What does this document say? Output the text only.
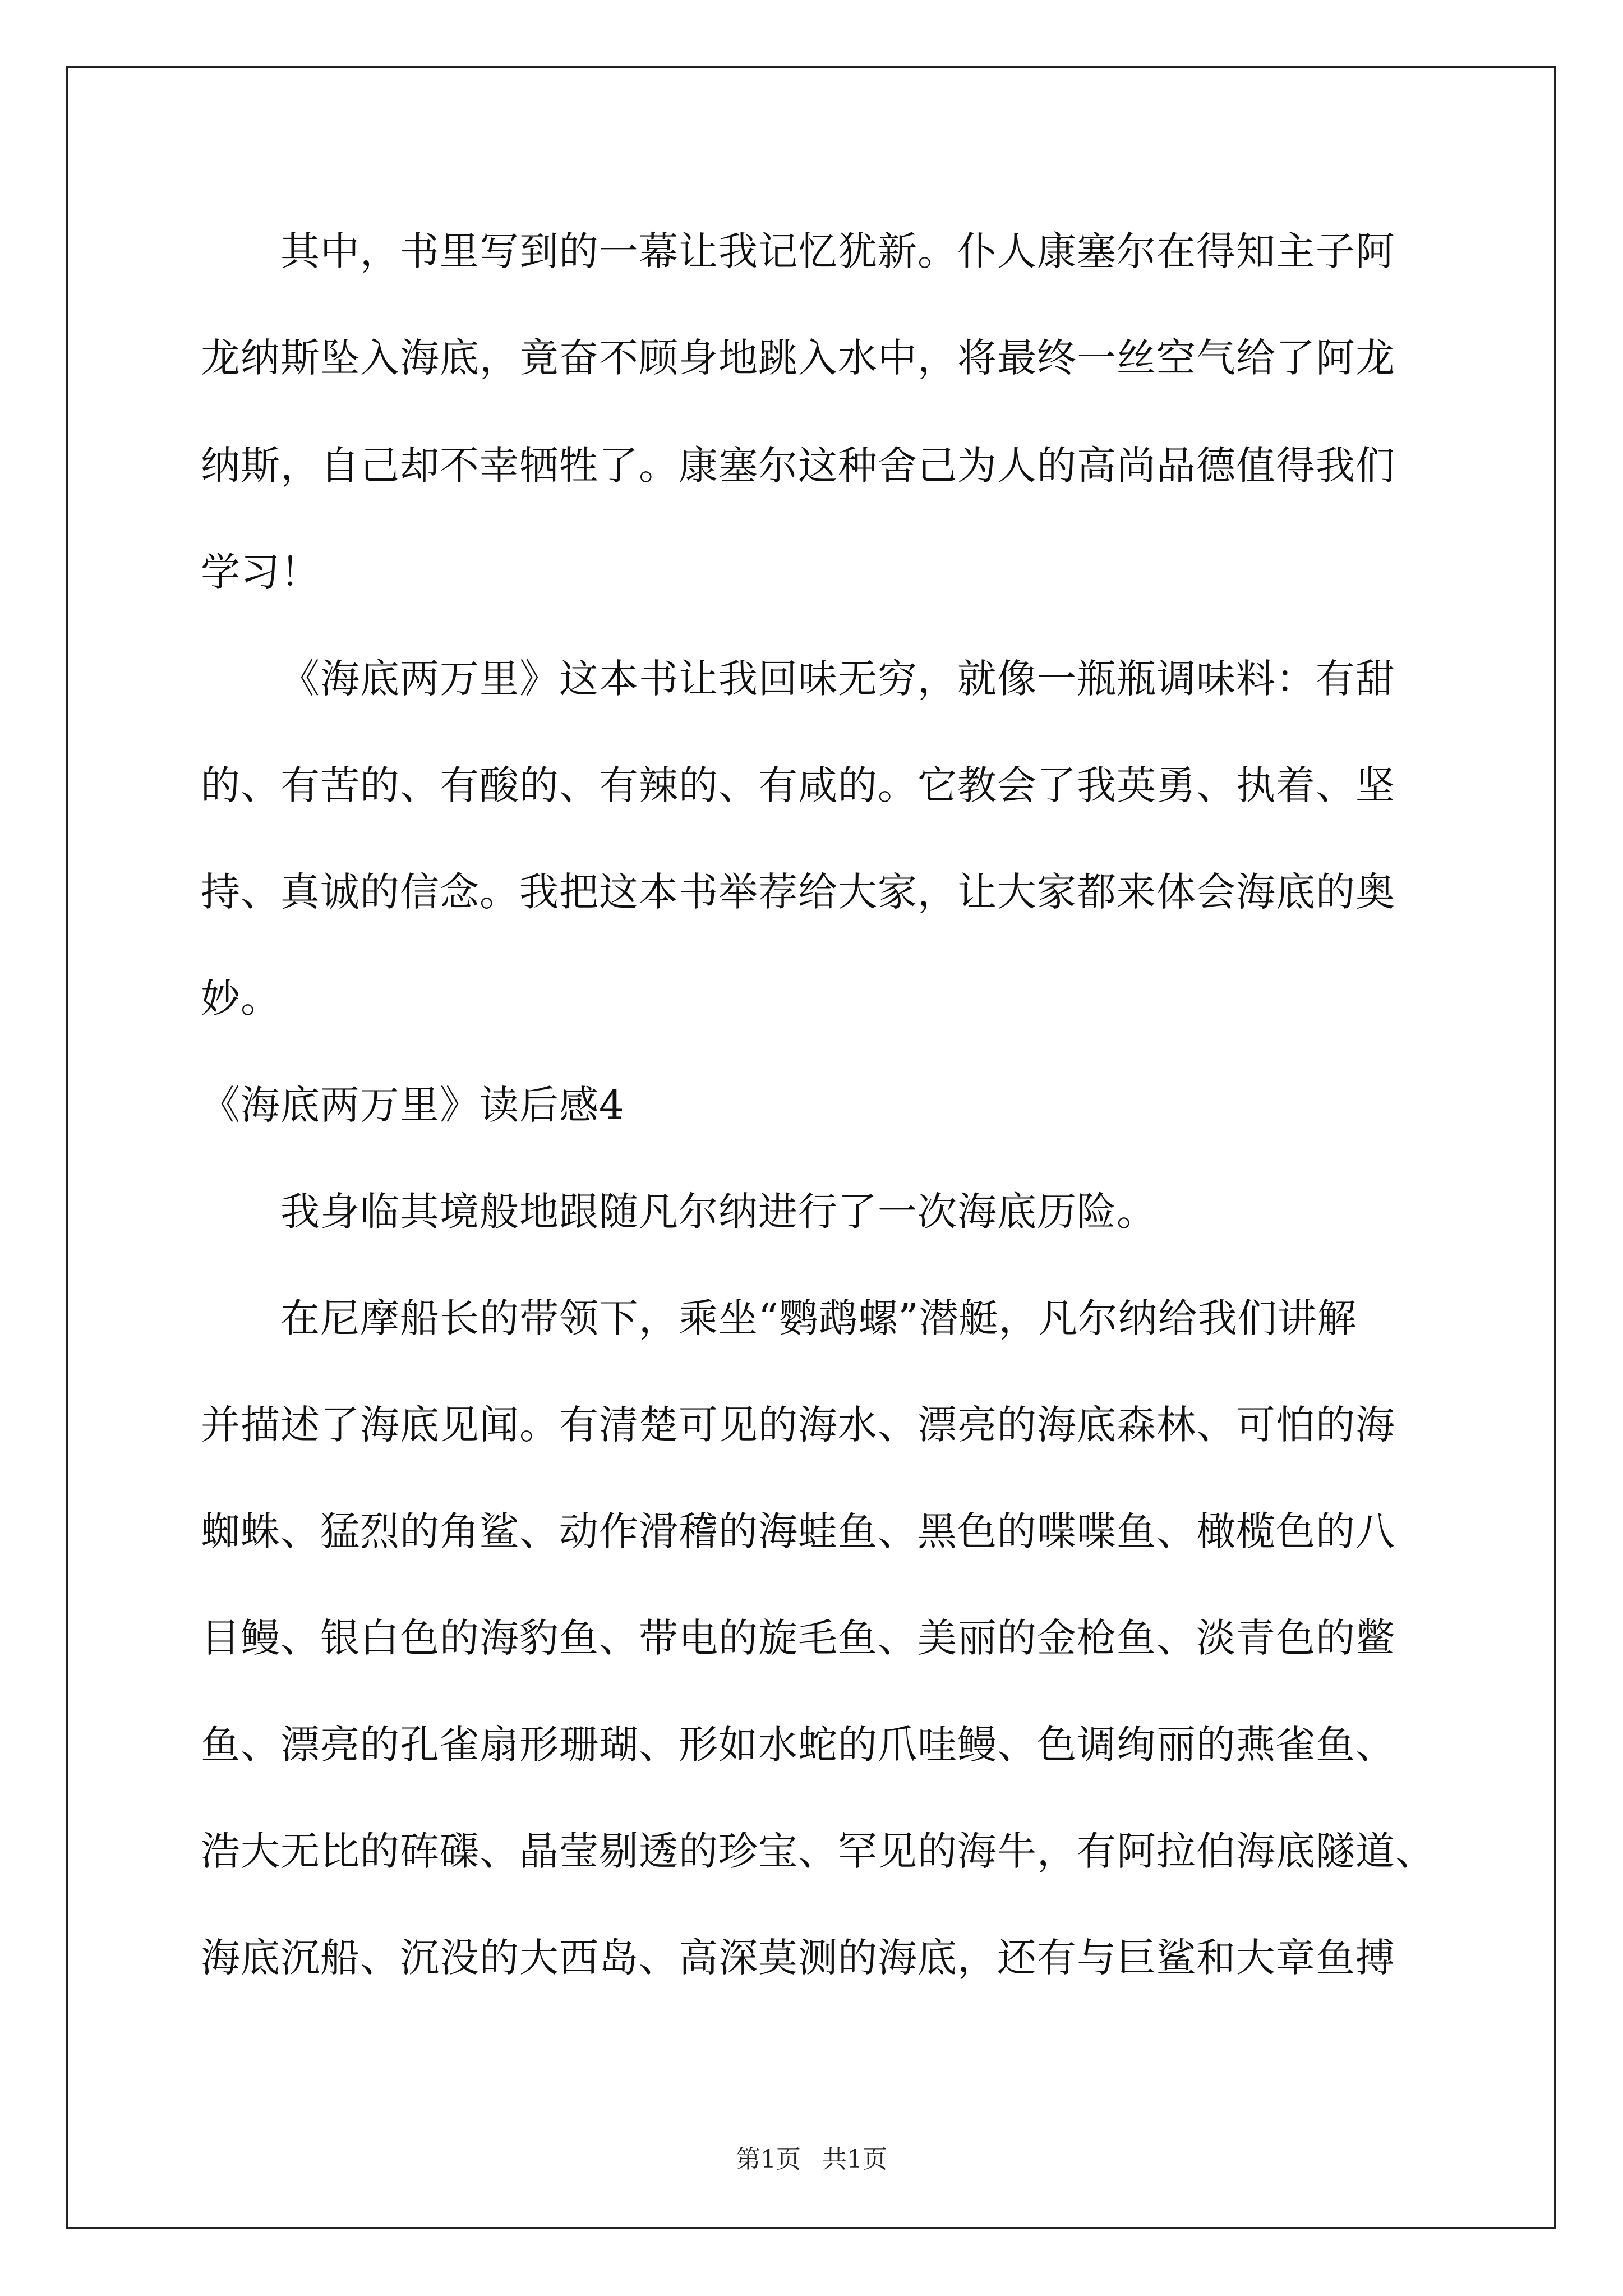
其中，书里写到的一幕让我记忆犹新。仆人康塞尔在得知主子阿
龙纳斯坠入海底，竟奋不顾身地跳入水中，将最终一丝空气给了阿龙
纳斯，自己却不幸牺牲了。康塞尔这种舍己为人的高尚品德值得我们
学习！
《海底两万里》这本书让我回味无穷，就像一瓶瓶调味料：有甜
的、有苦的、有酸的、有辣的、有咸的。它教会了我英勇、执着、坚
持、真诚的信念。我把这本书举荐给大家，让大家都来体会海底的奥
妙。
《海底两万里》读后感4
我身临其境般地跟随凡尔纳进行了一次海底历险。
在尼摩船长的带领下，乘坐“鹦鹉螺”潜艇，凡尔纳给我们讲解
并描述了海底见闻。有清楚可见的海水、漂亮的海底森林、可怕的海
蜘蛛、猛烈的角鲨、动作滑稽的海蛙鱼、黑色的喋喋鱼、橄榄色的八
目鳗、银白色的海豹鱼、带电的旋毛鱼、美丽的金枪鱼、淡青色的鳖
鱼、漂亮的孔雀扇形珊瑚、形如水蛇的爪哇鳗、色调绚丽的燕雀鱼、
浩大无比的砗磲、晶莹剔透的珍宝、罕见的海牛，有阿拉伯海底隧道、
海底沉船、沉没的大西岛、高深莫测的海底，还有与巨鲨和大章鱼搏
第1页 共1页
